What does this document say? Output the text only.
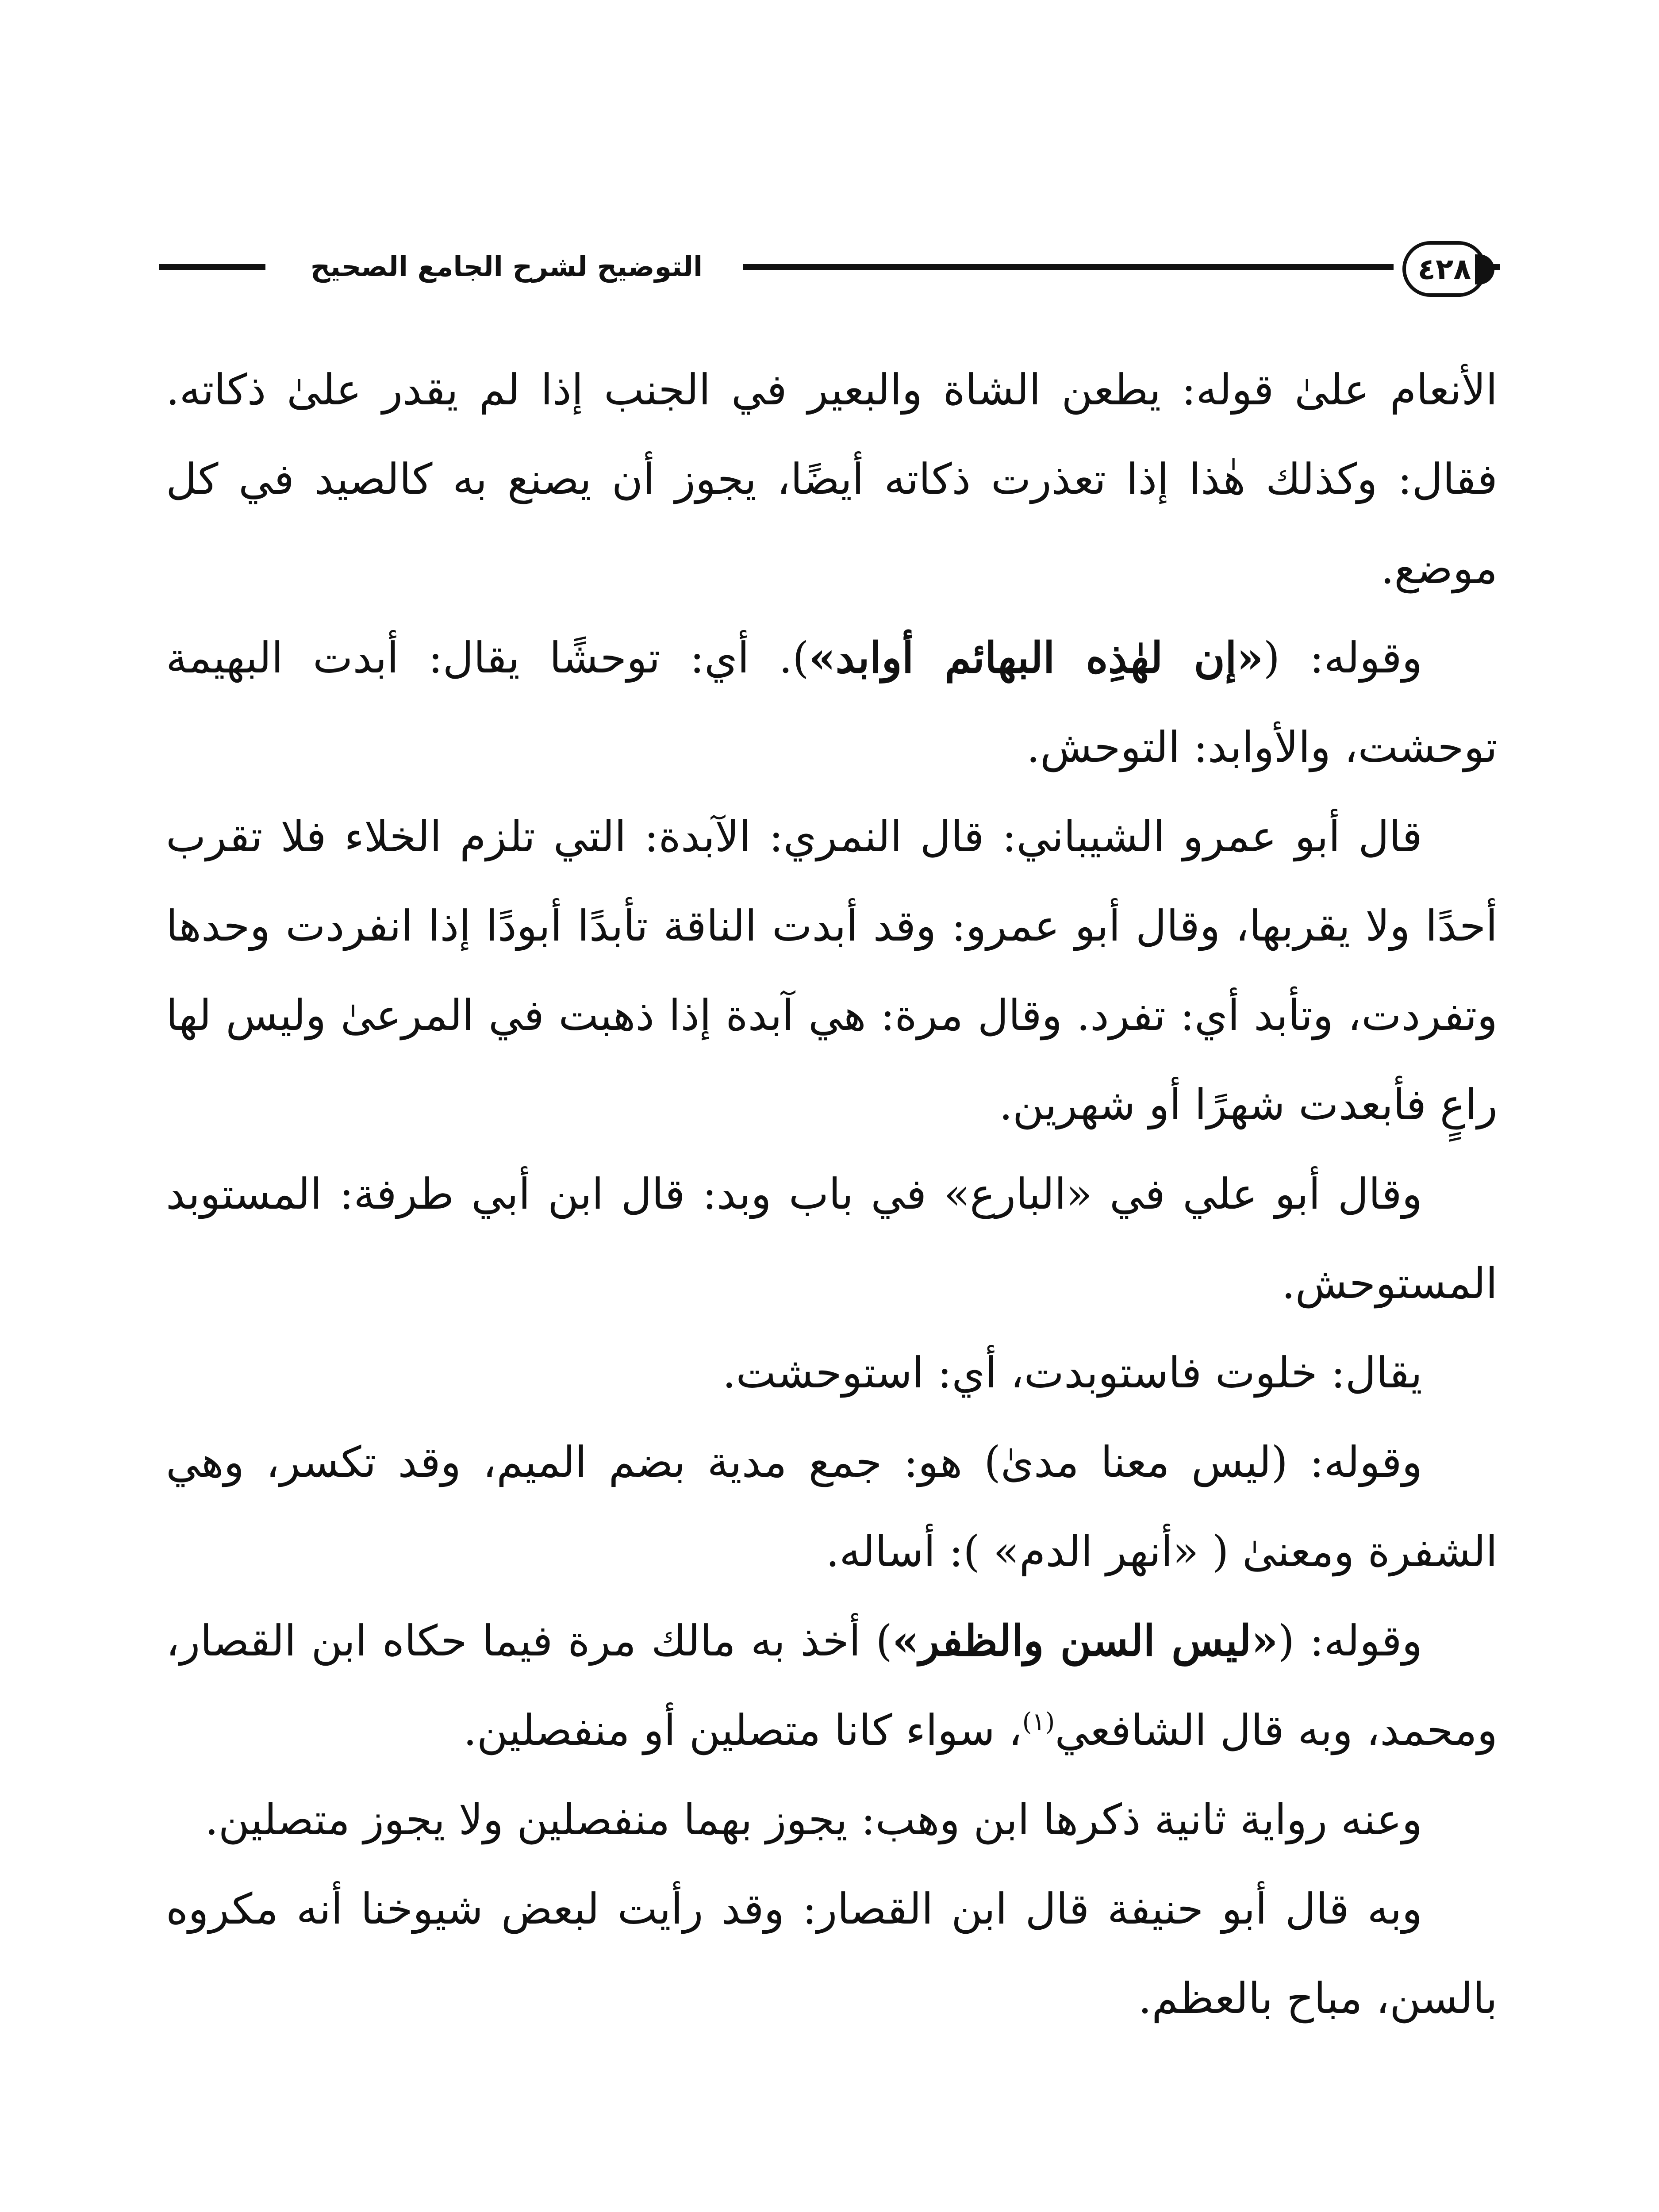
التوضيح لشرح الجامع الصحيح	٤٢٨

الأنعام علىٰ قوله: يطعن الشاة والبعير في الجنب إذا لم يقدر علىٰ ذكاته. فقال: وكذلك هٰذا إذا تعذرت ذكاته أيضًا، يجوز أن يصنع به كالصيد في كل موضع.

وقوله: («إن لهٰذِه البهائم أوابد»). أي: توحشًا يقال: أبدت البهيمة توحشت، والأوابد: التوحش.

قال أبو عمرو الشيباني: قال النمري: الآبدة: التي تلزم الخلاء فلا تقرب أحدًا ولا يقربها، وقال أبو عمرو: وقد أبدت الناقة تأبدًا أبودًا إذا انفردت وحدها وتفردت، وتأبد أي: تفرد. وقال مرة: هي آبدة إذا ذهبت في المرعىٰ وليس لها راعٍ فأبعدت شهرًا أو شهرين.

وقال أبو علي في «البارع» في باب وبد: قال ابن أبي طرفة: المستوبد المستوحش.

يقال: خلوت فاستوبدت، أي: استوحشت.

وقوله: (ليس معنا مدىٰ) هو: جمع مدية بضم الميم، وقد تكسر، وهي الشفرة ومعنىٰ ( «أنهر الدم» ): أساله.

وقوله: («ليس السن والظفر») أخذ به مالك مرة فيما حكاه ابن القصار، ومحمد، وبه قال الشافعي$^{(١)}$، سواء كانا متصلين أو منفصلين.

وعنه رواية ثانية ذكرها ابن وهب: يجوز بهما منفصلين ولا يجوز متصلين.

وبه قال أبو حنيفة قال ابن القصار: وقد رأيت لبعض شيوخنا أنه مكروه بالسن، مباح بالعظم.
